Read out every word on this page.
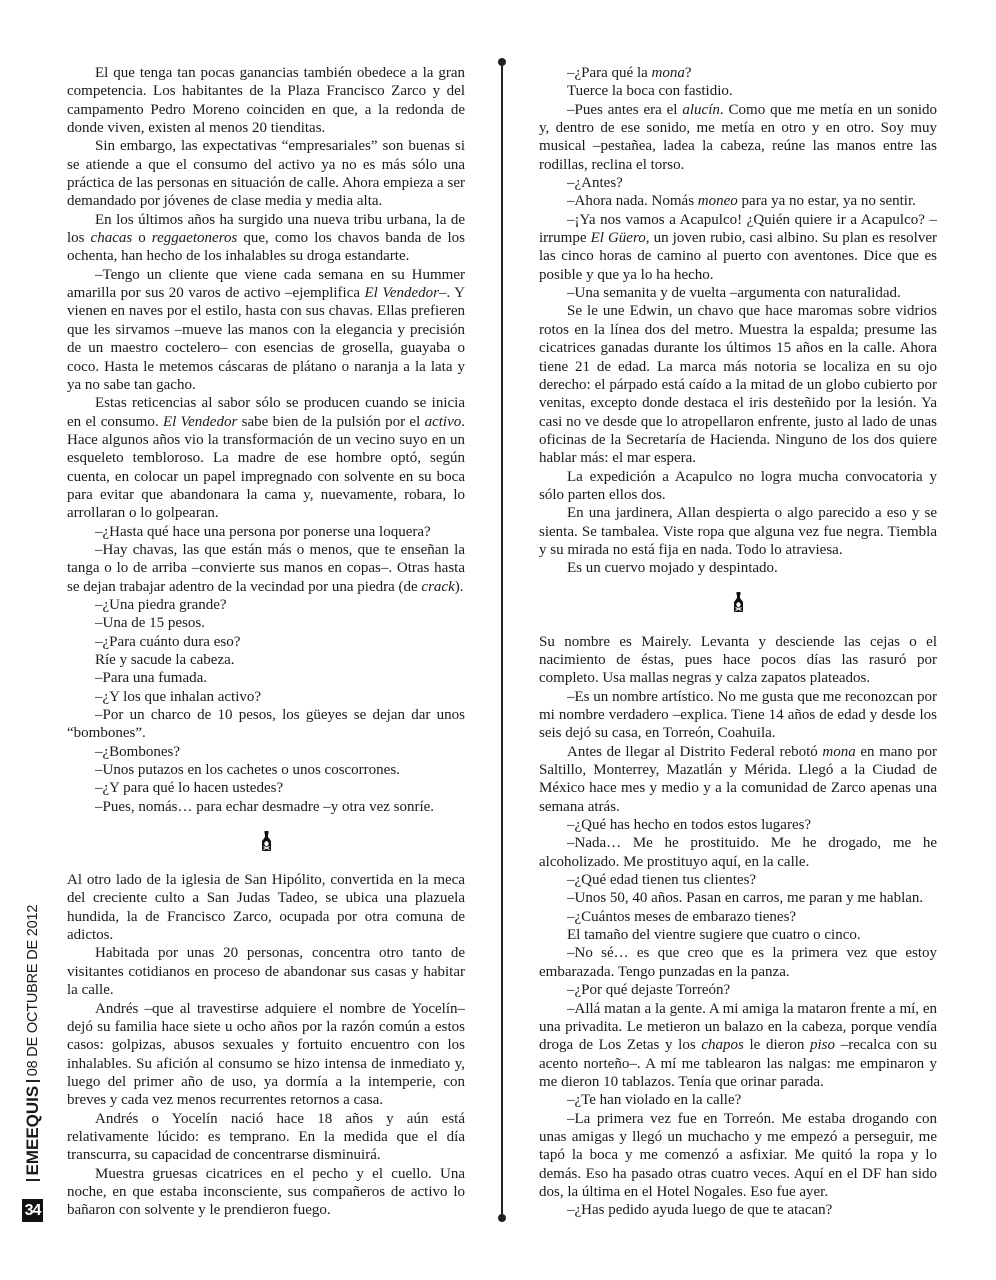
El que tenga tan pocas ganancias también obedece a la gran competencia. Los habitantes de la Plaza Francisco Zarco y del campamento Pedro Moreno coinciden en que, a la redonda de donde viven, existen al menos 20 tienditas.

Sin embargo, las expectativas “empresariales” son buenas si se atiende a que el consumo del activo ya no es más sólo una práctica de las personas en situación de calle. Ahora empieza a ser demandado por jóvenes de clase media y media alta.

En los últimos años ha surgido una nueva tribu urbana, la de los chacas o reggaetoneros que, como los chavos banda de los ochenta, han hecho de los inhalables su droga estandarte.

–Tengo un cliente que viene cada semana en su Hummer amarilla por sus 20 varos de activo –ejemplifica El Vendedor–. Y vienen en naves por el estilo, hasta con sus chavas. Ellas prefieren que les sirvamos –mueve las manos con la elegancia y precisión de un maestro coctelero– con esencias de grosella, guayaba o coco. Hasta le metemos cáscaras de plátano o naranja a la lata y ya no sabe tan gacho.

Estas reticencias al sabor sólo se producen cuando se inicia en el consumo. El Vendedor sabe bien de la pulsión por el activo. Hace algunos años vio la transformación de un vecino suyo en un esqueleto tembloroso. La madre de ese hombre optó, según cuenta, en colocar un papel impregnado con solvente en su boca para evitar que abandonara la cama y, nuevamente, robara, lo arrollaran o lo golpearan.

–¿Hasta qué hace una persona por ponerse una loquera?

–Hay chavas, las que están más o menos, que te enseñan la tanga o lo de arriba –convierte sus manos en copas–. Otras hasta se dejan trabajar adentro de la vecindad por una piedra (de crack).

–¿Una piedra grande?

–Una de 15 pesos.

–¿Para cuánto dura eso?

Ríe y sacude la cabeza.

–Para una fumada.

–¿Y los que inhalan activo?

–Por un charco de 10 pesos, los güeyes se dejan dar unos “bombones”.

–¿Bombones?

–Unos putazos en los cachetes o unos coscorrones.

–¿Y para qué lo hacen ustedes?

–Pues, nomás… para echar desmadre –y otra vez sonríe.

Al otro lado de la iglesia de San Hipólito, convertida en la meca del creciente culto a San Judas Tadeo, se ubica una plazuela hundida, la de Francisco Zarco, ocupada por otra comuna de adictos.

Habitada por unas 20 personas, concentra otro tanto de visitantes cotidianos en proceso de abandonar sus casas y habitar la calle.

Andrés –que al travestirse adquiere el nombre de Yocelín– dejó su familia hace siete u ocho años por la razón común a estos casos: golpizas, abusos sexuales y fortuito encuentro con los inhalables. Su afición al consumo se hizo intensa de inmediato y, luego del primer año de uso, ya dormía a la intemperie, con breves y cada vez menos recurrentes retornos a casa.

Andrés o Yocelín nació hace 18 años y aún está relativamente lúcido: es temprano. En la medida que el día transcurra, su capacidad de concentrarse disminuirá.

Muestra gruesas cicatrices en el pecho y el cuello. Una noche, en que estaba inconsciente, sus compañeros de activo lo bañaron con solvente y le prendieron fuego.

–¿Para qué la mona?

Tuerce la boca con fastidio.

–Pues antes era el alucín. Como que me metía en un sonido y, dentro de ese sonido, me metía en otro y en otro. Soy muy musical –pestañea, ladea la cabeza, reúne las manos entre las rodillas, reclina el torso.

–¿Antes?

–Ahora nada. Nomás moneo para ya no estar, ya no sentir.

–¡Ya nos vamos a Acapulco! ¿Quién quiere ir a Acapulco? –irrumpe El Güero, un joven rubio, casi albino. Su plan es resolver las cinco horas de camino al puerto con aventones. Dice que es posible y que ya lo ha hecho.

–Una semanita y de vuelta –argumenta con naturalidad.

Se le une Edwin, un chavo que hace maromas sobre vidrios rotos en la línea dos del metro. Muestra la espalda; presume las cicatrices ganadas durante los últimos 15 años en la calle. Ahora tiene 21 de edad. La marca más notoria se localiza en su ojo derecho: el párpado está caído a la mitad de un globo cubierto por venitas, excepto donde destaca el iris desteñido por la lesión. Ya casi no ve desde que lo atropellaron enfrente, justo al lado de unas oficinas de la Secretaría de Hacienda. Ninguno de los dos quiere hablar más: el mar espera.

La expedición a Acapulco no logra mucha convocatoria y sólo parten ellos dos.

En una jardinera, Allan despierta o algo parecido a eso y se sienta. Se tambalea. Viste ropa que alguna vez fue negra. Tiembla y su mirada no está fija en nada. Todo lo atraviesa.

Es un cuervo mojado y despintado.

Su nombre es Mairely. Levanta y desciende las cejas o el nacimiento de éstas, pues hace pocos días las rasuró por completo. Usa mallas negras y calza zapatos plateados.

–Es un nombre artístico. No me gusta que me reconozcan por mi nombre verdadero –explica. Tiene 14 años de edad y desde los seis dejó su casa, en Torreón, Coahuila.

Antes de llegar al Distrito Federal rebotó mona en mano por Saltillo, Monterrey, Mazatlán y Mérida. Llegó a la Ciudad de México hace mes y medio y a la comunidad de Zarco apenas una semana atrás.

–¿Qué has hecho en todos estos lugares?

–Nada… Me he prostituido. Me he drogado, me he alcoholizado. Me prostituyo aquí, en la calle.

–¿Qué edad tienen tus clientes?

–Unos 50, 40 años. Pasan en carros, me paran y me hablan.

–¿Cuántos meses de embarazo tienes?

El tamaño del vientre sugiere que cuatro o cinco.

–No sé… es que creo que es la primera vez que estoy embarazada. Tengo punzadas en la panza.

–¿Por qué dejaste Torreón?

–Allá matan a la gente. A mi amiga la mataron frente a mí, en una privadita. Le metieron un balazo en la cabeza, porque vendía droga de Los Zetas y los chapos le dieron piso –recalca con su acento norteño–. A mí me tablearon las nalgas: me empinaron y me dieron 10 tablazos. Tenía que orinar parada.

–¿Te han violado en la calle?

–La primera vez fue en Torreón. Me estaba drogando con unas amigas y llegó un muchacho y me empezó a perseguir, me tapó la boca y me comenzó a asfixiar. Me quitó la ropa y lo demás. Eso ha pasado otras cuatro veces. Aquí en el DF han sido dos, la última en el Hotel Nogales. Eso fue ayer.

–¿Has pedido ayuda luego de que te atacan?

EMEEQUIS
08 DE OCTUBRE DE 2012
34
